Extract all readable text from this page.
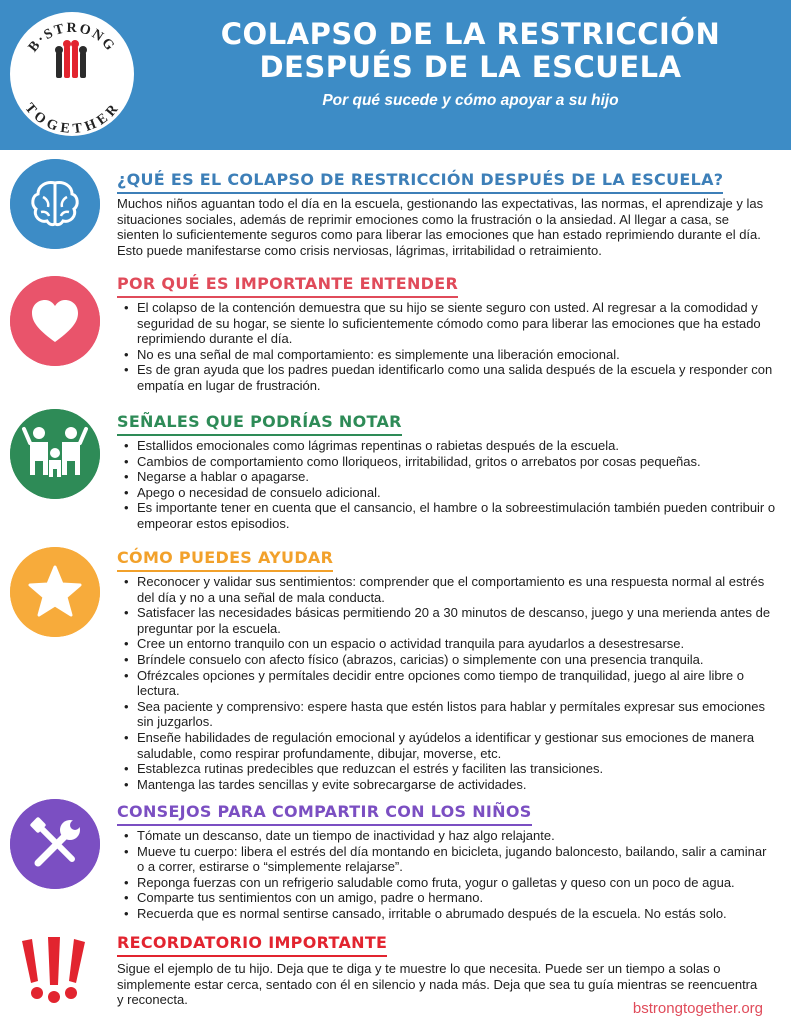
B·STRONG
TOGETHER
COLAPSO DE LA RESTRICCIÓN
DESPUÉS DE LA ESCUELA
Por qué sucede y cómo apoyar a su hijo
¿QUÉ ES EL COLAPSO DE RESTRICCIÓN DESPUÉS DE LA ESCUELA?

Muchos niños aguantan todo el día en la escuela, gestionando las expectativas, las normas, el aprendizaje y las situaciones sociales, además de reprimir emociones como la frustración o la ansiedad. Al llegar a casa, se sienten lo suficientemente seguros como para liberar las emociones que han estado reprimiendo durante el día. Esto puede manifestarse como crisis nerviosas, lágrimas, irritabilidad o retraimiento.

POR QUÉ ES IMPORTANTE ENTENDER
• El colapso de la contención demuestra que su hijo se siente seguro con usted. Al regresar a la comodidad y seguridad de su hogar, se siente lo suficientemente cómodo como para liberar las emociones que ha estado reprimiendo durante el día.
• No es una señal de mal comportamiento: es simplemente una liberación emocional.
• Es de gran ayuda que los padres puedan identificarlo como una salida después de la escuela y responder con empatía en lugar de frustración.
SEÑALES QUE PODRÍAS NOTAR
• Estallidos emocionales como lágrimas repentinas o rabietas después de la escuela.
• Cambios de comportamiento como lloriqueos, irritabilidad, gritos o arrebatos por cosas pequeñas.
• Negarse a hablar o apagarse.
• Apego o necesidad de consuelo adicional.
• Es importante tener en cuenta que el cansancio, el hambre o la sobreestimulación también pueden contribuir o empeorar estos episodios.
CÓMO PUEDES AYUDAR
• Reconocer y validar sus sentimientos: comprender que el comportamiento es una respuesta normal al estrés del día y no a una señal de mala conducta.
• Satisfacer las necesidades básicas permitiendo 20 a 30 minutos de descanso, juego y una merienda antes de preguntar por la escuela.
• Cree un entorno tranquilo con un espacio o actividad tranquila para ayudarlos a desestresarse.
• Bríndele consuelo con afecto físico (abrazos, caricias) o simplemente con una presencia tranquila.
• Ofrézcales opciones y permítales decidir entre opciones como tiempo de tranquilidad, juego al aire libre o lectura.
• Sea paciente y comprensivo: espere hasta que estén listos para hablar y permítales expresar sus emociones sin juzgarlos.
• Enseñe habilidades de regulación emocional y ayúdelos a identificar y gestionar sus emociones de manera saludable, como respirar profundamente, dibujar, moverse, etc.
• Establezca rutinas predecibles que reduzcan el estrés y faciliten las transiciones.
• Mantenga las tardes sencillas y evite sobrecargarse de actividades.
CONSEJOS PARA COMPARTIR CON LOS NIÑOS
• Tómate un descanso, date un tiempo de inactividad y haz algo relajante.
• Mueve tu cuerpo: libera el estrés del día montando en bicicleta, jugando baloncesto, bailando, salir a caminar o a correr, estirarse o “simplemente relajarse”.
• Reponga fuerzas con un refrigerio saludable como fruta, yogur o galletas y queso con un poco de agua.
• Comparte tus sentimientos con un amigo, padre o hermano.
• Recuerda que es normal sentirse cansado, irritable o abrumado después de la escuela. No estás solo.
RECORDATORIO IMPORTANTE

Sigue el ejemplo de tu hijo. Deja que te diga y te muestre lo que necesita. Puede ser un tiempo a solas o simplemente estar cerca, sentado con él en silencio y nada más. Deja que sea tu guía mientras se reencuentra y reconecta.

bstrongtogether.org
